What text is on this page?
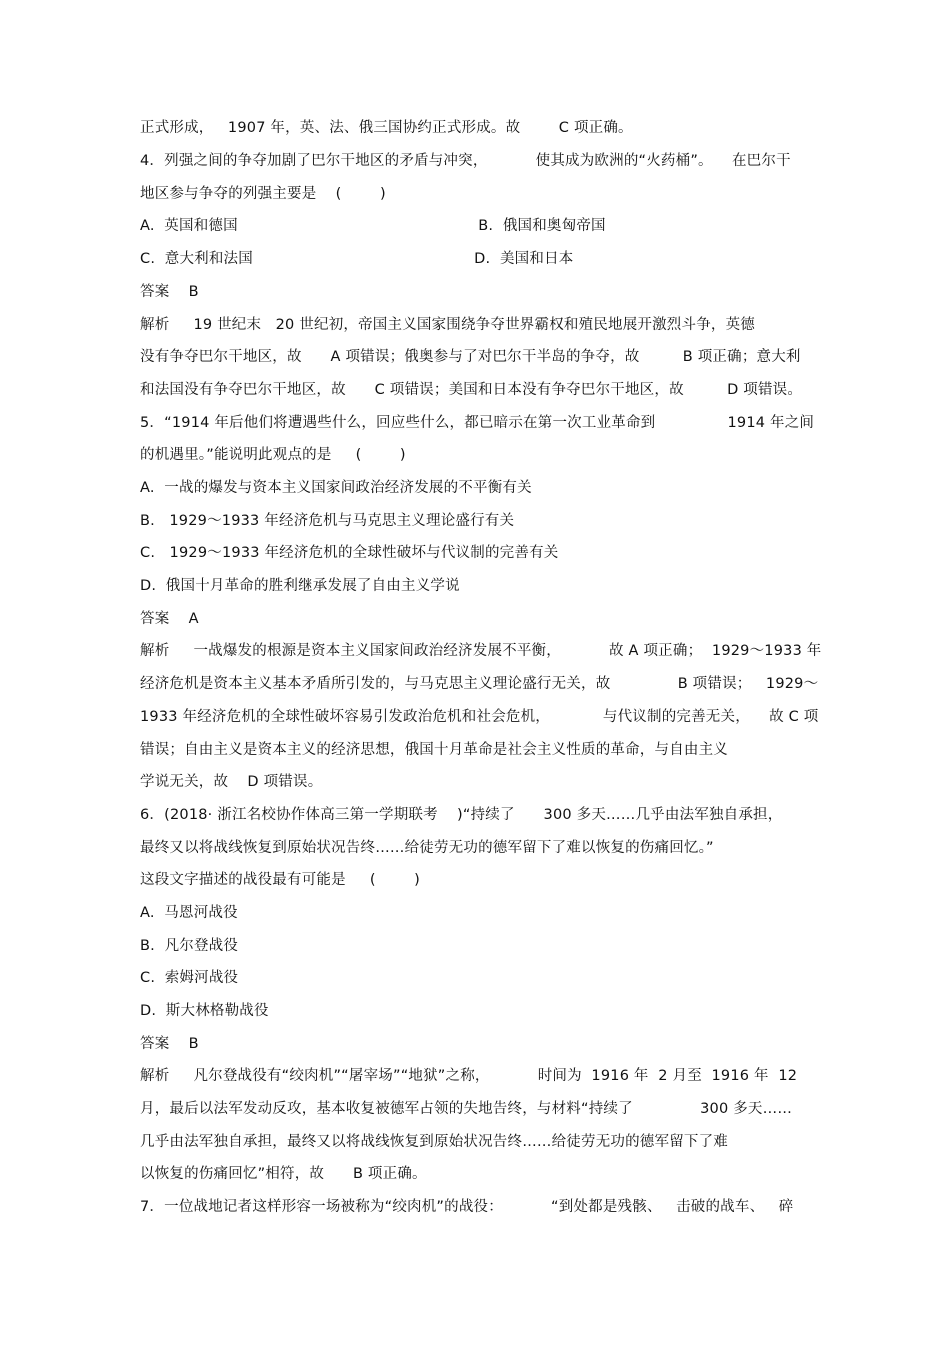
正式形成，   1907 年，英、法、俄三国协约正式形成。故        C 项正确。
4．列强之间的争夺加剧了巴尔干地区的矛盾与冲突，          使其成为欧洲的“火药桶”。    在巴尔干
地区参与争夺的列强主要是    (        )
A.  英国和德国                                                  B.  俄国和奥匈帝国
C.  意大利和法国                                              D.  美国和日本
答案    B
解析     19 世纪末   20 世纪初，帝国主义国家围绕争夺世界霸权和殖民地展开激烈斗争，英德
没有争夺巴尔干地区，故      A 项错误；俄奥参与了对巴尔干半岛的争夺，故         B 项正确；意大利
和法国没有争夺巴尔干地区，故      C 项错误；美国和日本没有争夺巴尔干地区，故         D 项错误。
5．“1914 年后他们将遭遇些什么，回应些什么，都已暗示在第一次工业革命到               1914 年之间
的机遇里。”能说明此观点的是     (        )
A.  一战的爆发与资本主义国家间政治经济发展的不平衡有关
B.   1929～1933 年经济危机与马克思主义理论盛行有关
C.   1929～1933 年经济危机的全球性破坏与代议制的完善有关
D.  俄国十月革命的胜利继承发展了自由主义学说
答案    A
解析     一战爆发的根源是资本主义国家间政治经济发展不平衡，          故 A 项正确；  1929～1933 年
经济危机是资本主义基本矛盾所引发的，与马克思主义理论盛行无关，故              B 项错误；   1929～
1933 年经济危机的全球性破坏容易引发政治危机和社会危机，           与代议制的完善无关，    故 C 项
错误；自由主义是资本主义的经济思想，俄国十月革命是社会主义性质的革命，与自由主义
学说无关，故    D 项错误。
6．(2018· 浙江名校协作体高三第一学期联考    )“持续了      300 多天……几乎由法军独自承担，
最终又以将战线恢复到原始状况告终……给徒劳无功的德军留下了难以恢复的伤痛回忆。”
这段文字描述的战役最有可能是     (        )
A.  马恩河战役
B.  凡尔登战役
C.  索姆河战役
D.  斯大林格勒战役
答案    B
解析     凡尔登战役有“绞肉机”“屠宰场”“地狱”之称，          时间为  1916 年  2 月至  1916 年  12
月，最后以法军发动反攻，基本收复被德军占领的失地告终，与材料“持续了              300 多天……
几乎由法军独自承担，最终又以将战线恢复到原始状况告终……给徒劳无功的德军留下了难
以恢复的伤痛回忆”相符，故      B 项正确。
7．一位战地记者这样形容一场被称为“绞肉机”的战役：          “到处都是残骸、   击破的战车、   碎
